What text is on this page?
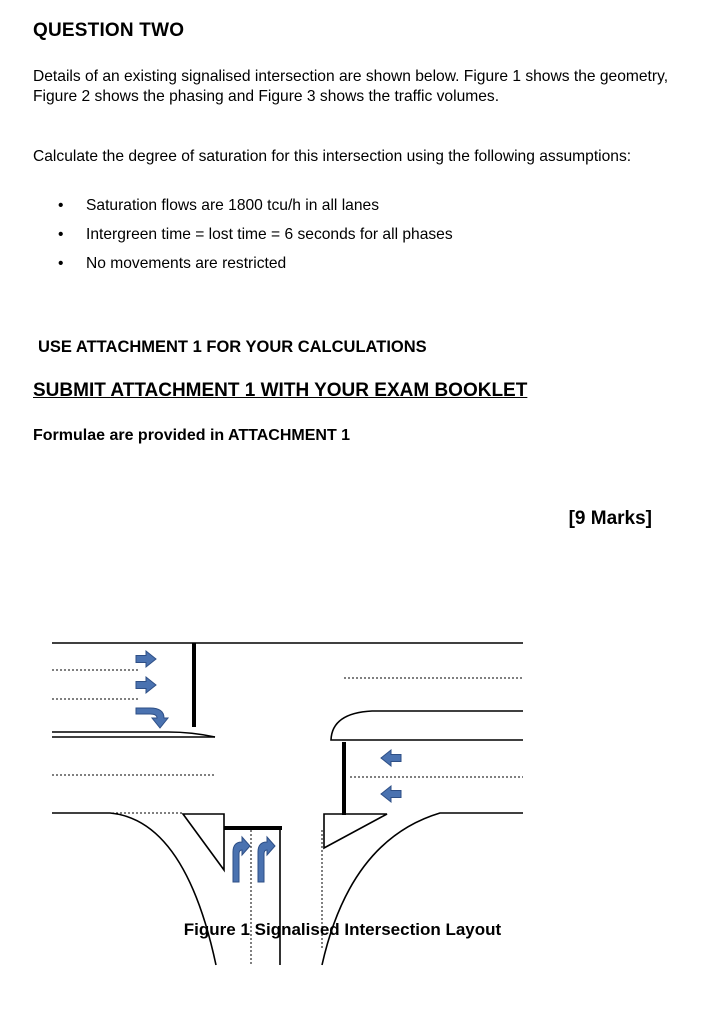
QUESTION TWO
Details of an existing signalised intersection are shown below. Figure 1 shows the geometry, Figure 2 shows the phasing and Figure 3 shows the traffic volumes.
Calculate the degree of saturation for this intersection using the following assumptions:
• Saturation flows are 1800 tcu/h in all lanes
• Intergreen time = lost time = 6 seconds for all phases
• No movements are restricted
USE ATTACHMENT 1 FOR YOUR CALCULATIONS
SUBMIT ATTACHMENT 1 WITH YOUR EXAM BOOKLET
Formulae are provided in ATTACHMENT 1
[9 Marks]
Figure 1 Signalised Intersection Layout
